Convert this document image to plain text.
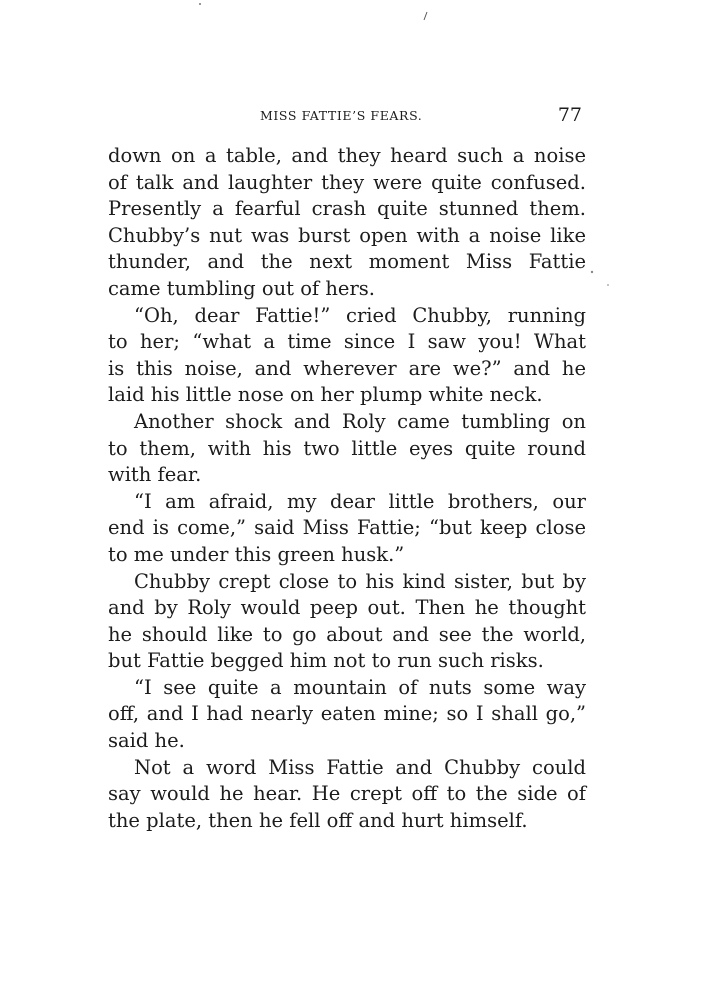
MISS FATTIE’S FEARS.	77
down on a table, and they heard such a noise
of talk and laughter they were quite confused.
Presently a fearful crash quite stunned them.
Chubby’s nut was burst open with a noise like
thunder, and the next moment Miss Fattie
came tumbling out of hers.
“Oh, dear Fattie!” cried Chubby, running
to her; “what a time since I saw you! What
is this noise, and wherever are we?” and he
laid his little nose on her plump white neck.
Another shock and Roly came tumbling on
to them, with his two little eyes quite round
with fear.
“I am afraid, my dear little brothers, our
end is come,” said Miss Fattie; “but keep close
to me under this green husk.”
Chubby crept close to his kind sister, but by
and by Roly would peep out. Then he thought
he should like to go about and see the world,
but Fattie begged him not to run such risks.
“I see quite a mountain of nuts some way
off, and I had nearly eaten mine; so I shall go,”
said he.
Not a word Miss Fattie and Chubby could
say would he hear. He crept off to the side of
the plate, then he fell off and hurt himself.
